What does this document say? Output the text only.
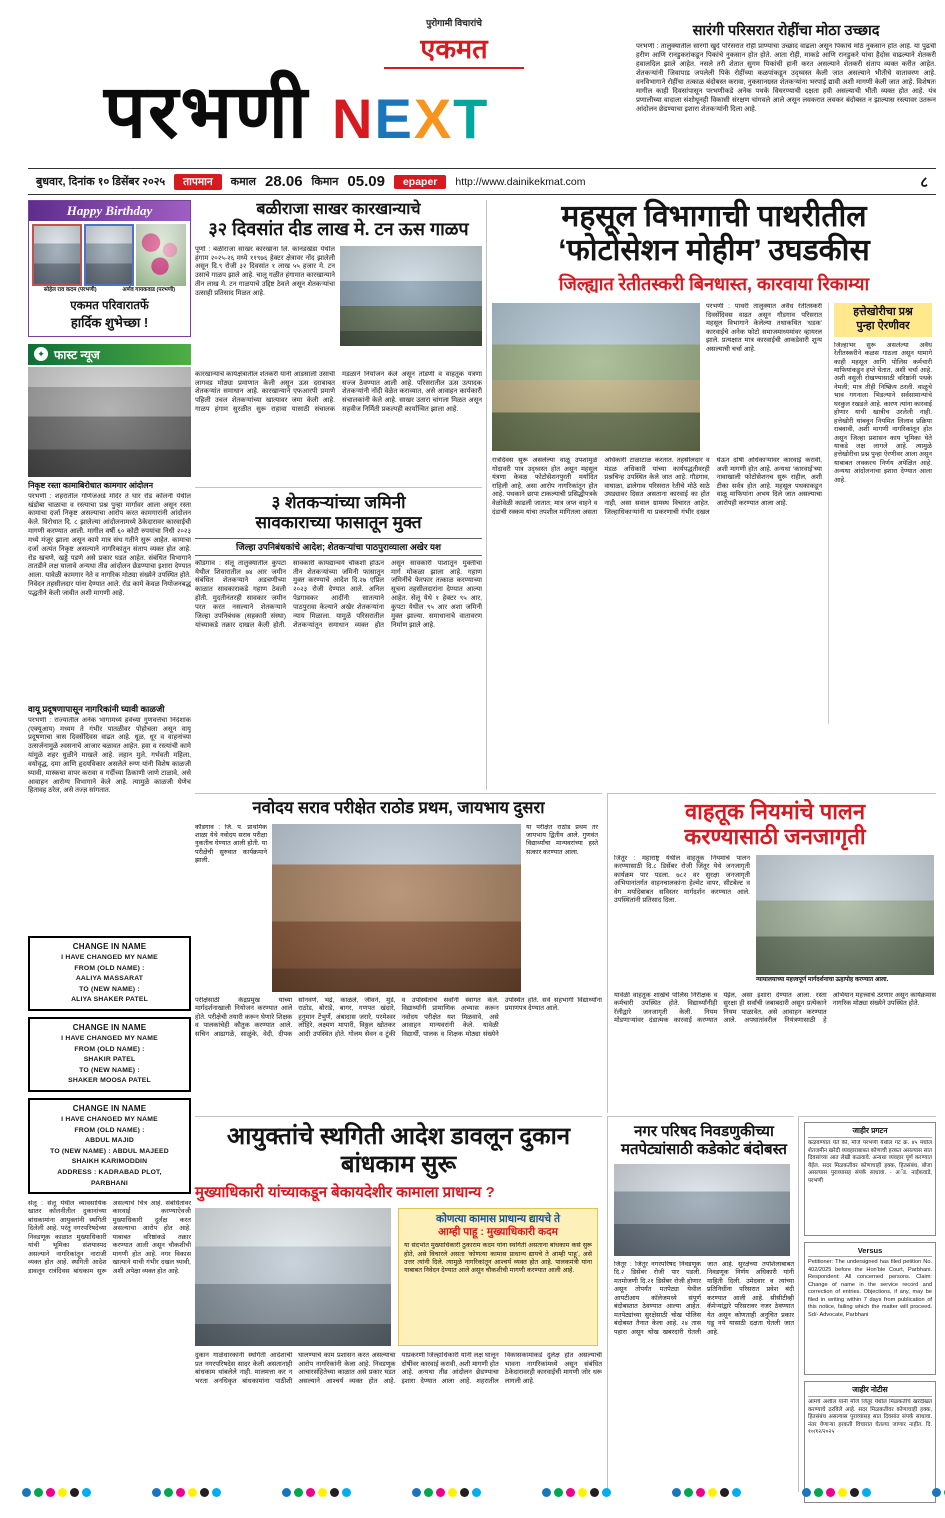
पुरोगामी विचारांचे
एकमत
परभणी NEXT
सारंगी परिसरात रोहींचा मोठा उच्छाद
परभणी : तालुक्यातील सारंगी खुर्द परिसरात रोही प्राण्यांचा उच्छाद वाढला असून पिकांचे मोठे नुकसान होत आहे. या पुढची हरीण आणि रानडुकरांकडून पिकांचे नुकसान होत होते. आता रोही, माकडे आणि रानडुकरे यांचा हैदोस वाढल्याने शेतकरी हवालदिल झाले आहेत. नसले तरी शेतात सुगम पिकांची हानी करत असल्याने शेतकरी संताप व्यक्त करीत आहेत. शेतकऱ्यांनी जिवापाड जपलेली पिके रोहींच्या कळपांकडून उद्ध्वस्त केली जात असल्याने भीतीचे वातावरण आहे. वनविभागाने रोहींचा तत्काळ बंदोबस्त करावा, नुकसानग्रस्त शेतकऱ्यांना भरपाई द्यावी अशी मागणी केली जात आहे. विशेषतः मागील काही दिवसांपासून परभणीकडे अनेक पथके विचरण्याची दक्षता हवी असल्याची भीती व्यक्त होत आहे. यंत्र प्रणालीच्या वादाला संशोधूनही विकासी संरक्षण चांगवले आले असून लवकरात लवकर बंदोबस्त न झाल्यास रस्त्यावर उतरून आंदोलन छेडण्याचा इशारा शेतकऱ्यांनी दिला आहे.
बुधवार, दिनांक १० डिसेंबर २०२५	तापमान	कमाल 28.06 किमान 05.09	epaper	http://www.dainikekmat.com	८
Happy Birthday
सोहेल राव कदम (परभणी)	अर्णव गायकवाड (परभणी)
एकमत परिवारातर्फे
हार्दिक शुभेच्छा !
✦ फास्ट न्यूज
निकृष्ट रस्ता कामाबिरोधात कामगार आंदोलन
परभणी : शहरातील गणिजअर्ड मंदिर ते घार रोड कॉलनी येथील खंडोबा चाळाचा व रस्त्याचा प्रश्न पुन्हा मार्गावर आला असून रस्ता कामाचा दर्जा निकृष्ट असल्याचा आरोप करत कामगारांनी आंदोलन केले. विरोधात दि. ८ झालेल्या आंदोलनामध्ये ठेकेदारावर कारवाईची मागणी करण्यात आली. मागील वर्षी ६० कोटी रुपयांचा निधी २०२३ मध्ये मंजूर झाला असून कामे मात्र संथ गतीने सुरू आहेत. कामाचा दर्जा अत्यंत निकृष्ट असल्याने नागरिकांतून संताप व्यक्त होत आहे. रोड खचणे, खड्डे पडणे असे प्रकार घडत आहेत. संबंधित विभागाने तातडीने लक्ष घालावे अन्यथा तीव्र आंदोलन छेडण्याचा इशारा देण्यात आला. यावेळी कामगार नेते व नागरिक मोठ्या संख्येने उपस्थित होते. निवेदन तहसीलदार यांना देण्यात आले. रोड कामे केवळ नियोजनबद्ध पद्धतीने केली जावीत अशी मागणी आहे.
वायू प्रदूषणापासून नागरिकांनी घ्यावी काळजी
परभणी : राज्यातील अनेक भागांमध्ये हवेच्या गुणवत्तेचा निर्देशांक (एक्यूआय) मध्यम ते गंभीर पातळीवर पोहोचला असून वायू प्रदूषणाचा त्रास दिवसेंदिवस वाढत आहे. धूळ, धूर व वाहनांच्या उत्सर्जनामुळे श्वसनाचे आजार बळावत आहेत. हवा व रस्त्यांची कामे यांमुळे शहर धुळीने माखले आहे. लहान मुले, गर्भवती महिला, वयोवृद्ध, दमा आणि हृदयविकार असलेले रुग्ण यांनी विशेष काळजी घ्यावी, मास्कचा वापर करावा व गर्दीच्या ठिकाणी जाणे टाळावे, असे आवाहन आरोग्य विभागाने केले आहे. त्यामुळे काळजी घेणेच हितावह ठरेल, असे तज्ज्ञ सांगतात.
CHANGE IN NAME
I HAVE CHANGED MY NAME
FROM (OLD NAME) :
AALIYA MASSARAT
TO (NEW NAME) :
ALIYA SHAKER PATEL
CHANGE IN NAME
I HAVE CHANGED MY NAME
FROM (OLD NAME) :
SHAKIR PATEL
TO (NEW NAME) :
SHAKER MOOSA PATEL
CHANGE IN NAME
I HAVE CHANGED MY NAME
FROM (OLD NAME) :
ABDUL MAJID
TO (NEW NAME) : ABDUL MAJEED
SHAIKH KARIMODDIN
ADDRESS : KADRABAD PLOT,
PARBHANI
सेलू : सेलू येथील व्यावसायिक खातर कॉलनीतील दुकानांच्या बांधकामांना आयुक्तांनी स्थगिती दिलेली आहे. परंतु नगरपरिषदेच्या निवडणूक काळात मुख्याधिकारी यांची भूमिका संशयास्पद असल्याने नागरिकांतून नाराजी व्यक्त होत आहे. स्थगिती आदेश डावलून रात्रंदिवस बांधकाम सुरू असल्याचे चित्र आहे. संबंधितांवर कारवाई करण्याऐवजी मुख्याधिकारी दुर्लक्ष करत असल्याचा आरोप होत आहे. याबाबत वरिष्ठांकडे तक्रार करण्यात आली असून चौकशीची मागणी होत आहे. नगर विकास खात्याने याची गंभीर दखल घ्यावी, अशी अपेक्षा व्यक्त होत आहे.
बळीराजा साखर कारखान्याचे
३२ दिवसांत दीड लाख मे. टन ऊस गाळप
पूर्णा : बळीराजा साखर कारखाना लि. कानडखेडा येथील हंगाम २०२५-२६ मध्ये ११९७६ हेक्टर क्षेत्रावर नोंद झालेली असून दि.९ रोजी ३२ दिवसांत १ लाख ५५ हजार मे. टन उसाचे गाळप झाले आहे. चालू गळीत हंगामात कारखान्याने तीन लाख मे. टन गाळपाचे उद्दिष्ट ठेवले असून शेतकऱ्यांचा उत्साही प्रतिसाद मिळत आहे.
कारखान्याचे कार्यक्षेत्रातील शेतकरी यांनी आडसाली उसाची लागवड मोठ्या प्रमाणात केली असून ऊस दराबाबत शेतकऱ्यांत समाधान आहे. कारखान्याने एफआरपी प्रमाणे पहिली उचल शेतकऱ्यांच्या खात्यावर जमा केली आहे. गाळप हंगाम सुरळीत सुरू राहावा यासाठी संचालक मंडळाने नियोजन केले असून तोडणी व वाहतूक यंत्रणा सज्ज ठेवण्यात आली आहे. परिसरातील ऊस उत्पादक शेतकऱ्यांनी नोंदी वेळेत कराव्यात, असे आवाहन कार्यकारी संचालकांनी केले आहे. साखर उतारा चांगला मिळत असून सहवीज निर्मिती प्रकल्पही कार्यान्वित झाला आहे.
महसूल विभागाची पाथरीतील
‘फोटोसेशन मोहीम’ उघडकीस
जिल्ह्यात रेतीतस्करी बिनधास्त, कारवाया रिकाम्या
परभणी : पाथरी तालुक्यात अवैध रेतीतस्करी दिवसेंदिवस वाढत असून गौडगाव परिसरात महसूल विभागाने केलेल्या तथाकथित ‘धडक’ कारवाईचे अनेक फोटो समाजमाध्यमांवर व्हायरल झाले. प्रत्यक्षात मात्र कारवाईची आकडेवारी शून्य असल्याची चर्चा आहे.
रात्रंदिवस सुरू असलेल्या वाळू उपशामुळे गोदावरी पात्र उद्ध्वस्त होत असून महसूल यंत्रणा केवळ फोटोसेशनपुरती मर्यादित राहिली आहे, असा आरोप नागरिकांतून होत आहे. पथकाने छापा टाकल्याची प्रसिद्धीपत्रके वेळोवेळी काढली जातात; मात्र जप्त वाहने व दंडाची रक्कम यांचा तपशील मागितला असता अधिकारी टाळाटाळ करतात. तहसीलदार व मंडळ अधिकारी यांच्या कार्यपद्धतीवरही प्रश्नचिन्ह उपस्थित केले जात आहे. गौडगाव, वाघाळा, ढालेगाव परिसरात रेतीचे मोठे साठे उघड्यावर दिसत असताना कारवाई का होत नाही, असा सवाल ग्रामस्थ विचारत आहेत. जिल्हाधिकाऱ्यांनी या प्रकरणाची गंभीर दखल घेऊन दोषी अधिकाऱ्यांवर कारवाई करावी, अशी मागणी होत आहे. अन्यथा ‘कारवाई’च्या नावाखाली फोटोसेशनच सुरू राहील, अशी टीका सर्वत्र होत आहे. महसूल पथकाकडून वाळू माफियांना अभय दिले जात असल्याचा आरोपही करण्यात आला आहे.
हत्तेखोरीचा प्रश्न
पुन्हा ऐरणीवर
जिल्हाभर सुरू असलेल्या अवैध रेतीतस्करीने कळस गाठला असून यामागे काही महसूल आणि पोलिस कर्मचारी माफियांकडून हप्ते घेतात, अशी चर्चा आहे. अशी वसुली रोखण्यासाठी वरिष्ठांनी पथके नेमली; मात्र तीही निष्क्रिय ठरली. वाळूचे भाव गगनाला भिडल्याने सर्वसामान्यांचे घरकुल रखडले आहे. कारण त्यांना कारवाई होणार याची खात्रीच उरलेली नाही. हत्तेखोरी थांबवून नियमित लिलाव प्रक्रिया राबवावी, अशी मागणी नागरिकांतून होत असून जिल्हा प्रशासन काय भूमिका घेते याकडे लक्ष लागले आहे. त्यामुळे हत्तेखोरीचा प्रश्न पुन्हा ऐरणीवर आला असून याबाबत लवकरच निर्णय अपेक्षित आहे. अन्यथा आंदोलनाचा इशारा देण्यात आला आहे.
३ शेतकऱ्यांच्या जमिनी
सावकाराच्या फासातून मुक्त
जिल्हा उपनिबंधकांचे आदेश; शेतकऱ्यांचा पाठपुराव्याला अखेर यश
कौडगाव : सेलू तालुक्यातील कुपटा येथील शिवारातील ७४ आर जमीन संबंधित शेतकऱ्याने अडचणीच्या काळात सावकाराकडे गहाण ठेवली होती. मुदतीनंतरही सावकार जमीन परत करत नसल्याने शेतकऱ्याने जिल्हा उपनिबंधक (सहकारी संस्था) यांच्याकडे तक्रार दाखल केली होती. सावकारी कायद्यान्वये चौकशी होऊन तीन शेतकऱ्यांच्या जमिनी फासातून मुक्त करण्याचे आदेश दि.२७ एप्रिल २०२३ रोजी देण्यात आले. अनिल पेडगावकर आदींनी सातत्याने पाठपुरावा केल्याने अखेर शेतकऱ्यांना न्याय मिळाला. यामुळे परिसरातील शेतकऱ्यांतून समाधान व्यक्त होत असून सावकारी पाशातून मुक्तीचा मार्ग मोकळा झाला आहे. गहाण जमिनींचे फेरफार तत्काळ करण्याच्या सूचना तहसीलदारांना देण्यात आल्या आहेत. सेलू येथे १ हेक्टर ९५ आर, कुपटा येथील ९५ आर अशा जमिनी मुक्त झाल्या. समाधानाचे वातावरण निर्माण झाले आहे.
नवोदय सराव परीक्षेत राठोड प्रथम, जायभाय दुसरा
कौडगाव : जि. प. प्राथमिक शाळा येथे नवोदय सराव परीक्षा नुकतीच घेण्यात आली होती. या परीक्षेची सुरुवात कार्यक्रमाने झाली.
या परीक्षेत राठोड प्रथम तर जायभाय द्वितीय आले. गुणवंत विद्यार्थ्यांचा मान्यवरांच्या हस्ते सत्कार करण्यात आला.
परीक्षेसाठी केंद्रप्रमुख यांच्या मार्गदर्शनाखाली नियोजन करण्यात आले होते. परीक्षेची तयारी करून घेणारे शिक्षक व पालकांचेही कौतुक करण्यात आले. सचिन आढागळे, साळुंके, वेदी, दीपक सोनवणे, भद्रे, काळले, जीवने, मुंडे, राठोड, बोराडे, बागर, गणपत खंदारे, हनुमान टेंभुर्णे, अंबादास जरारे, परमेश्वर लोहिरे, लक्ष्मण मापारी, विठ्ठल खोतकर आदी उपस्थित होते. गोलम सेवन व टूंकी व उपस्थितांचे सर्वांनी स्वागत केले. विद्यार्थ्यांनी प्रामाणिक अभ्यास करून नवोदय परीक्षेत यश मिळवावे, असे आवाहन मान्यवरांनी केले. यावेळी विद्यार्थी, पालक व शिक्षक मोठ्या संख्येने उपस्थित होते. सर्व सहभागी विद्यार्थ्यांना प्रमाणपत्र देण्यात आले.
वाहतूक नियमांचे पालन
करण्यासाठी जनजागृती
जिंतूर : महाराष्ट्र येथील वाहतूक नियमांचे पालन करण्यासाठी दि.८ डिसेंबर रोजी जिंतूर येथे जनजागृती कार्यक्रम पार पडला. ७८२ वर सुरक्षा जनजागृती अभियानांतर्गत वाहनचालकांना हेल्मेट वापर, सीटबेल्ट व वेग मर्यादेबाबत सविस्तर मार्गदर्शन करण्यात आले. उपस्थितांनी प्रतिसाद दिला.
न्यायालयाच्या महत्त्वपूर्ण मार्गदर्शनाचा ऊहापोह करण्यात आला.
यावेळी वाहतूक शाखेचे पोलिस निरीक्षक व कर्मचारी उपस्थित होते. विद्यार्थ्यांनीही रॅलीद्वारे जनजागृती केली. नियम मोडणाऱ्यांवर दंडात्मक कारवाई करण्यात येईल, असा इशारा देण्यात आला. रस्ता सुरक्षा ही सर्वांची जबाबदारी असून प्रत्येकाने नियम पाळावेत, असे आवाहन करण्यात आले. अपघातांवरील नियंत्रणासाठी हे अभियान महत्त्वाचे ठरणार असून कार्यक्रमास नागरिक मोठ्या संख्येने उपस्थित होते.
आयुक्तांचे स्थगिती आदेश डावलून दुकान बांधकाम सुरू
मुख्याधिकारी यांच्याकडून बेकायदेशीर कामाला प्राधान्य ?
कोणत्या कामास प्राधान्य द्यायचे ते
आम्ही पाहू : मुख्याधिकारी कदम
या संदर्भात मुख्याधिकारी ठुकाराम कदम यांना स्थगिती असताना बांधकाम कसे सुरू होते, असे विचारले असता ‘कोणत्या कामास प्राधान्य द्यायचे ते आम्ही पाहू’, असे उत्तर त्यांनी दिले. त्यामुळे नागरिकांतून आश्चर्य व्यक्त होत आहे. पालकमंत्री यांना याबाबत निवेदन देण्यात आले असून चौकशीची मागणी करण्यात आली आहे.
दुकान गाळेधारकांनी स्थगिती आदेशाची प्रत नगरपरिषदेस सादर केली असतानाही बांधकाम थांबलेले नाही. मालमत्ता कर न भरता अनधिकृत बांधकामांना पाठीशी घालण्याचे काम प्रशासन करत असल्याचा आरोप नागरिकांनी केला आहे. निवडणूक आचारसंहितेच्या काळात असे प्रकार घडत असल्याने आश्चर्य व्यक्त होत आहे. याप्रकरणी जिल्हाधिकारी यांनी लक्ष घालून दोषींवर कारवाई करावी, अशी मागणी होत आहे. अन्यथा तीव्र आंदोलन छेडण्याचा इशारा देण्यात आला आहे. शहरातील विकासकामांकडे दुर्लक्ष होत असल्याची भावना नागरिकांमध्ये असून संबंधित ठेकेदारावरही कारवाईची मागणी जोर धरू लागली आहे.
नगर परिषद निवडणुकीच्या
मतपेट्यांसाठी कडेकोट बंदोबस्त
जिंतूर : जिंतूर नगरपरिषद निवडणूक दि.२ डिसेंबर रोजी पार पडली. मतमोजणी दि.२१ डिसेंबर रोजी होणार असून तोपर्यंत मतपेट्या येथील आयटीआय कॉलेजमध्ये संपूर्ण बंदोबस्तात ठेवण्यात आल्या आहेत. मतपेट्यांच्या सुरक्षेसाठी चोख पोलिस बंदोबस्त तैनात केला आहे. २४ तास पहारा असून चोख खबरदारी घेतली जात आहे. सुरक्षेच्या तपशिलाबाबत निवडणूक निर्णय अधिकारी यांनी माहिती दिली. उमेदवार व त्यांच्या प्रतिनिधींना परिसरात प्रवेश बंदी करण्यात आली आहे. सीसीटीव्ही कॅमेऱ्यांद्वारे परिसरावर नजर ठेवण्यात येत असून कोणताही अनुचित प्रकार घडू नये यासाठी दक्षता घेतली जात आहे.
जाहीर प्रगटन
कळवण्यात येते की, मौजे परभणी येथील गट क्र. ४५ मधील शेतजमीन खरेदी व्यवहाराबाबत कोणाची हरकत असल्यास सात दिवसांच्या आत लेखी कळवावे. अन्यथा व्यवहार पूर्ण करण्यात येईल. सदर मिळकतीवर कोणाचाही हक्क, हितसंबंध, बोजा असल्यास पुराव्यासह संपर्क साधावा. - अॅड. नाईकवाडे, परभणी
Versus
Petitioner: The undersigned has filed petition No. 402/2025 before the Hon'ble Court, Parbhani. Respondent: All concerned persons. Claim: Change of name in the service record and correction of entries. Objections, if any, may be filed in writing within 7 days from publication of this notice, failing which the matter will proceed. Sd/- Advocate, Parbhani
जाहीर नोटीस
आमचे अशील यांनी मौजे जिंतूर येथील मिळकतीचे खरेदीखत करण्याचे ठरविले आहे. सदर मिळकतीवर कोणाचाही हक्क, हितसंबंध असल्यास पुराव्यासह सात दिवसांत संपर्क साधावा. नंतर येणाऱ्या हरकती विचारात घेतल्या जाणार नाहीत. दि. १०/१२/२०२५
